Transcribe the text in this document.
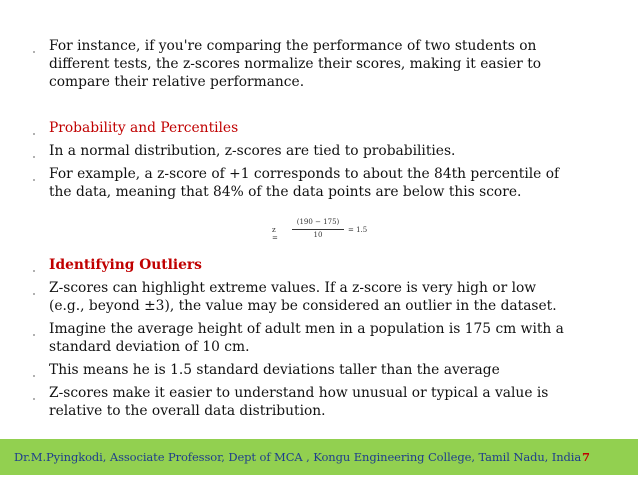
For instance, if you're comparing the performance of two students on
different tests, the z-scores normalize their scores, making it easier to
compare their relative performance.
Probability and Percentiles
In a normal distribution, z-scores are tied to probabilities.
For example, a z-score of +1 corresponds to about the 84th percentile of
the data, meaning that 84% of the data points are below this score.
z =
(190 − 175)
10
= 1.5
Identifying Outliers
Z-scores can highlight extreme values. If a z-score is very high or low
(e.g., beyond ±3), the value may be considered an outlier in the dataset.
Imagine the average height of adult men in a population is 175 cm with a
standard deviation of 10 cm.
This means he is 1.5 standard deviations taller than the average
Z-scores make it easier to understand how unusual or typical a value is
relative to the overall data distribution.
Dr.M.Pyingkodi, Associate Professor, Dept of MCA , Kongu Engineering College, Tamil Nadu, India 7
